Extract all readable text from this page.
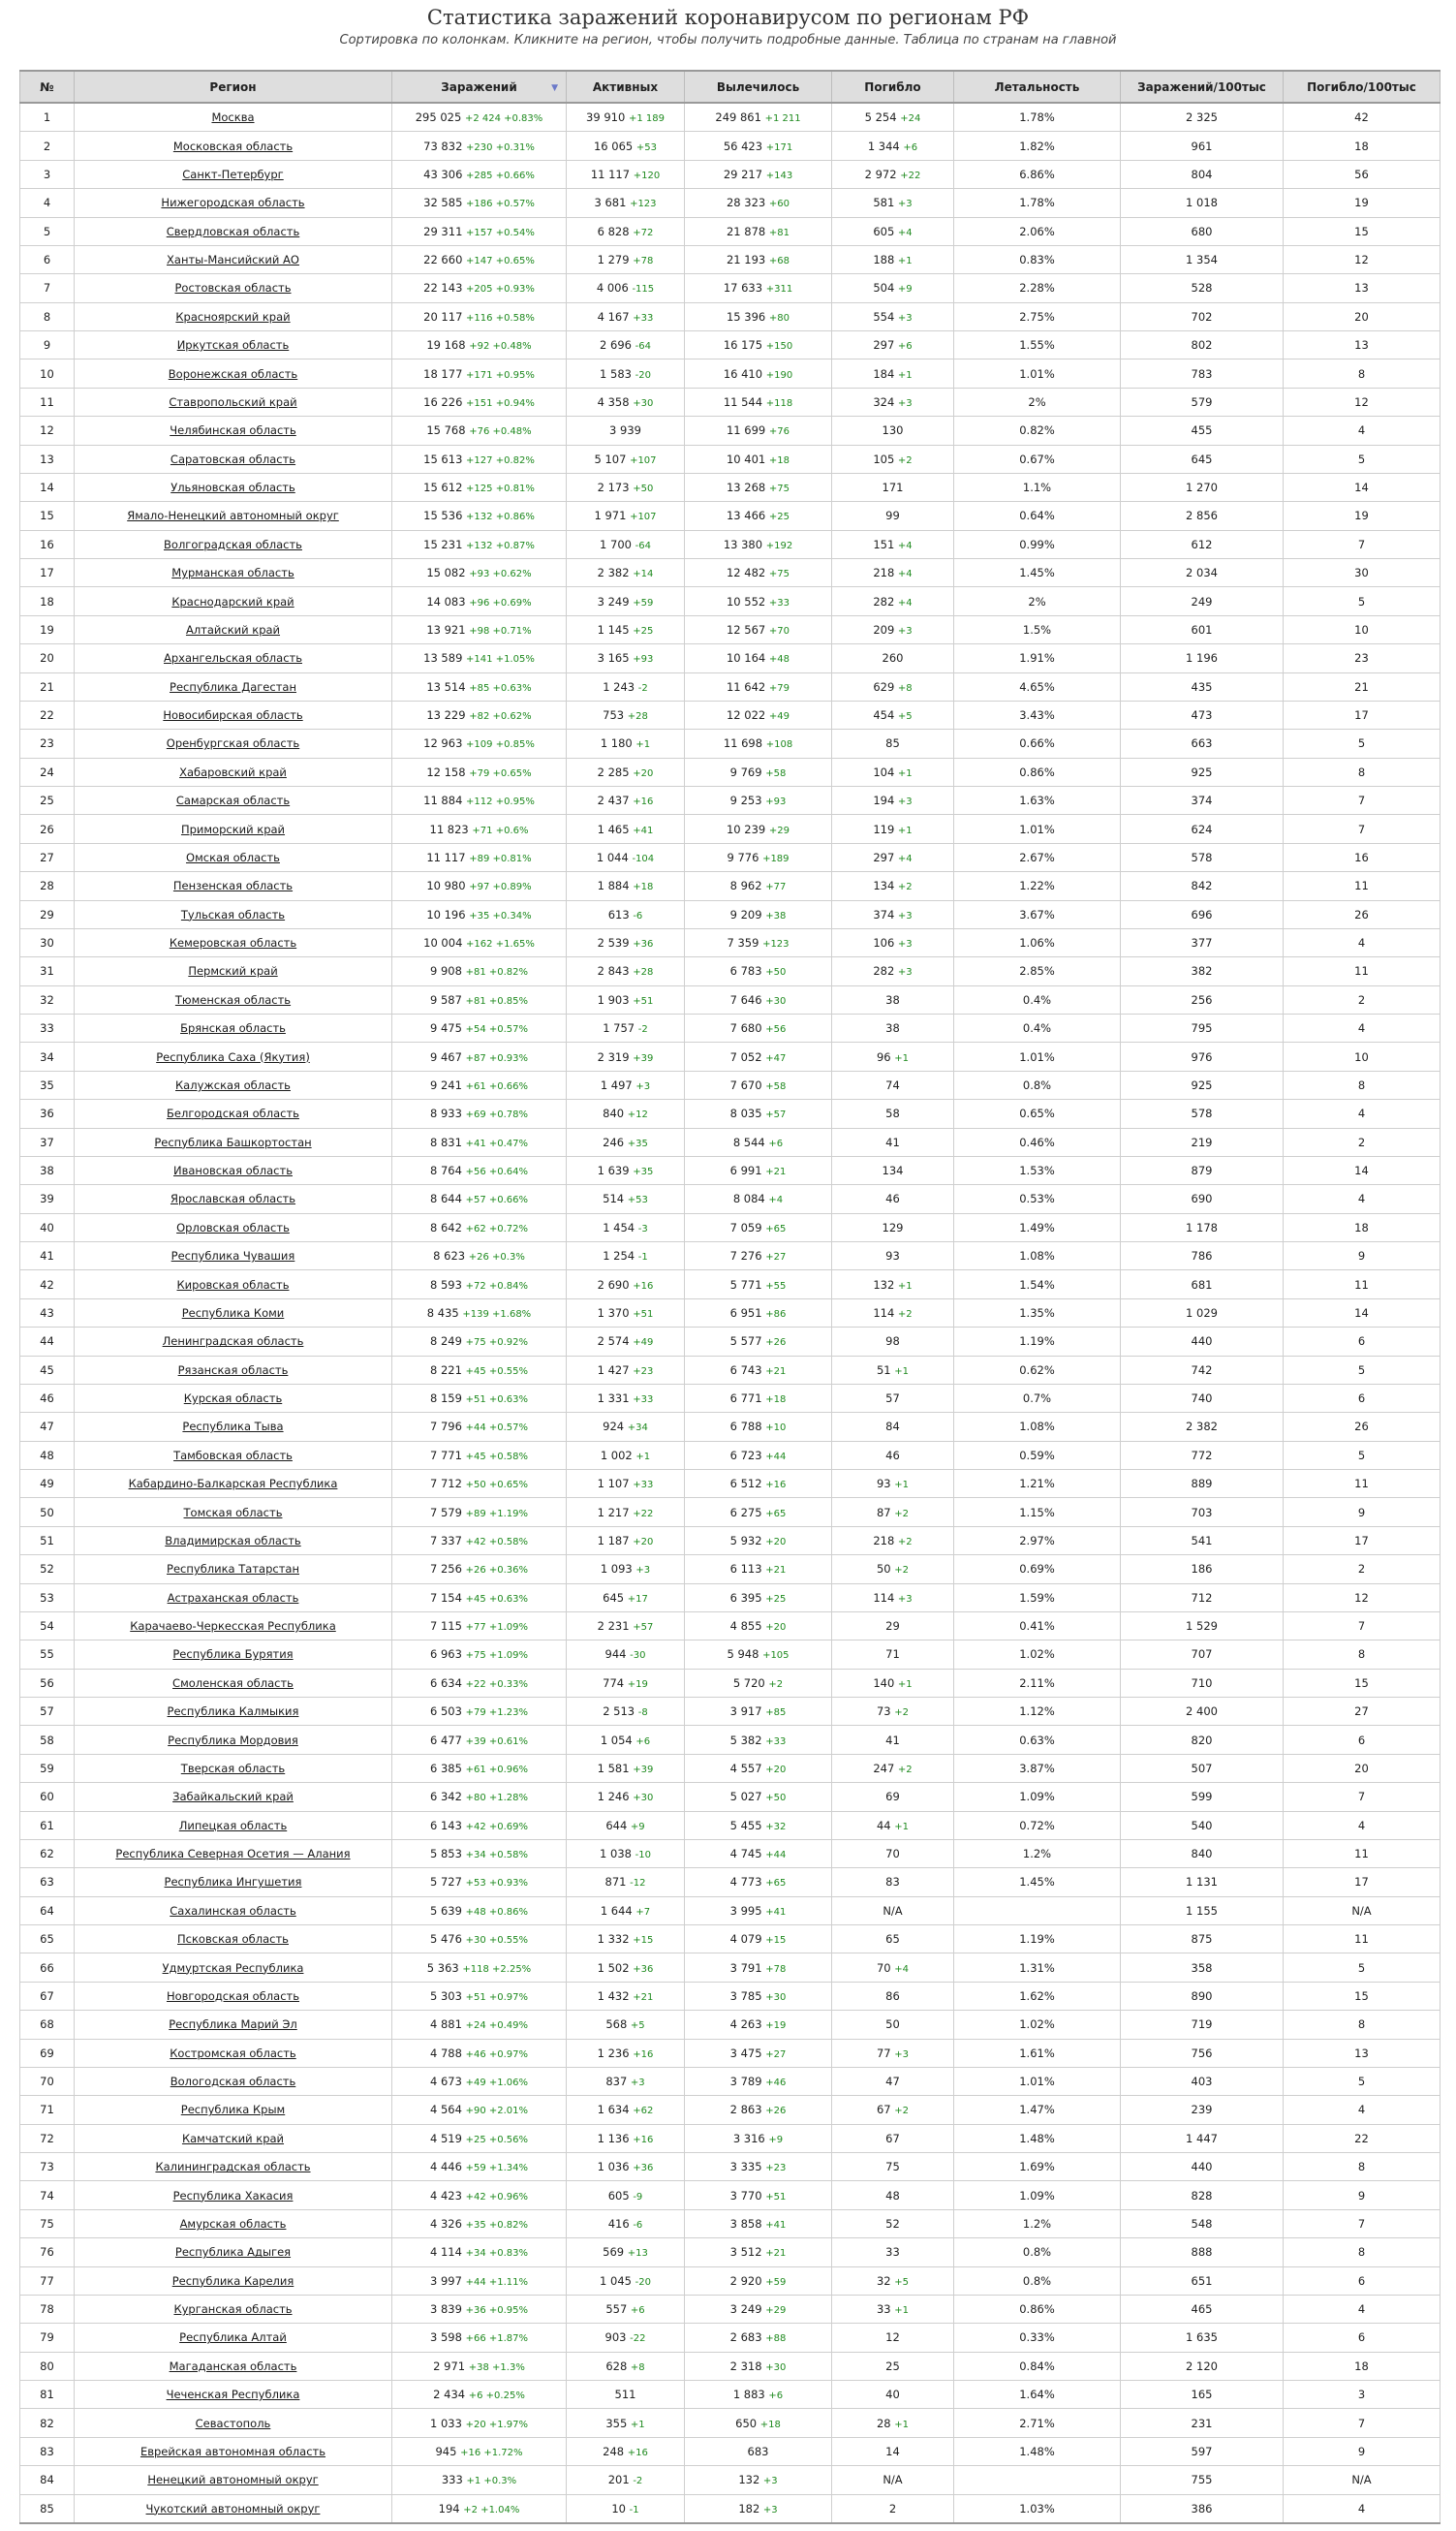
Статистика заражений коронавирусом по регионам РФ
Сортировка по колонкам. Кликните на регион, чтобы получить подробные данные. Таблица по странам на главной
№	Регион	Заражений ▼	Активных	Вылечилось	Погибло	Летальность	Заражений/100тыс	Погибло/100тыс
1	Москва	295 025 +2 424 +0.83%	39 910 +1 189	249 861 +1 211	5 254 +24	1.78%	2 325	42
2	Московская область	73 832 +230 +0.31%	16 065 +53	56 423 +171	1 344 +6	1.82%	961	18
3	Санкт-Петербург	43 306 +285 +0.66%	11 117 +120	29 217 +143	2 972 +22	6.86%	804	56
4	Нижегородская область	32 585 +186 +0.57%	3 681 +123	28 323 +60	581 +3	1.78%	1 018	19
5	Свердловская область	29 311 +157 +0.54%	6 828 +72	21 878 +81	605 +4	2.06%	680	15
6	Ханты-Мансийский АО	22 660 +147 +0.65%	1 279 +78	21 193 +68	188 +1	0.83%	1 354	12
7	Ростовская область	22 143 +205 +0.93%	4 006 -115	17 633 +311	504 +9	2.28%	528	13
8	Красноярский край	20 117 +116 +0.58%	4 167 +33	15 396 +80	554 +3	2.75%	702	20
9	Иркутская область	19 168 +92 +0.48%	2 696 -64	16 175 +150	297 +6	1.55%	802	13
10	Воронежская область	18 177 +171 +0.95%	1 583 -20	16 410 +190	184 +1	1.01%	783	8
11	Ставропольский край	16 226 +151 +0.94%	4 358 +30	11 544 +118	324 +3	2%	579	12
12	Челябинская область	15 768 +76 +0.48%	3 939	11 699 +76	130	0.82%	455	4
13	Саратовская область	15 613 +127 +0.82%	5 107 +107	10 401 +18	105 +2	0.67%	645	5
14	Ульяновская область	15 612 +125 +0.81%	2 173 +50	13 268 +75	171	1.1%	1 270	14
15	Ямало-Ненецкий автономный округ	15 536 +132 +0.86%	1 971 +107	13 466 +25	99	0.64%	2 856	19
16	Волгоградская область	15 231 +132 +0.87%	1 700 -64	13 380 +192	151 +4	0.99%	612	7
17	Мурманская область	15 082 +93 +0.62%	2 382 +14	12 482 +75	218 +4	1.45%	2 034	30
18	Краснодарский край	14 083 +96 +0.69%	3 249 +59	10 552 +33	282 +4	2%	249	5
19	Алтайский край	13 921 +98 +0.71%	1 145 +25	12 567 +70	209 +3	1.5%	601	10
20	Архангельская область	13 589 +141 +1.05%	3 165 +93	10 164 +48	260	1.91%	1 196	23
21	Республика Дагестан	13 514 +85 +0.63%	1 243 -2	11 642 +79	629 +8	4.65%	435	21
22	Новосибирская область	13 229 +82 +0.62%	753 +28	12 022 +49	454 +5	3.43%	473	17
23	Оренбургская область	12 963 +109 +0.85%	1 180 +1	11 698 +108	85	0.66%	663	5
24	Хабаровский край	12 158 +79 +0.65%	2 285 +20	9 769 +58	104 +1	0.86%	925	8
25	Самарская область	11 884 +112 +0.95%	2 437 +16	9 253 +93	194 +3	1.63%	374	7
26	Приморский край	11 823 +71 +0.6%	1 465 +41	10 239 +29	119 +1	1.01%	624	7
27	Омская область	11 117 +89 +0.81%	1 044 -104	9 776 +189	297 +4	2.67%	578	16
28	Пензенская область	10 980 +97 +0.89%	1 884 +18	8 962 +77	134 +2	1.22%	842	11
29	Тульская область	10 196 +35 +0.34%	613 -6	9 209 +38	374 +3	3.67%	696	26
30	Кемеровская область	10 004 +162 +1.65%	2 539 +36	7 359 +123	106 +3	1.06%	377	4
31	Пермский край	9 908 +81 +0.82%	2 843 +28	6 783 +50	282 +3	2.85%	382	11
32	Тюменская область	9 587 +81 +0.85%	1 903 +51	7 646 +30	38	0.4%	256	2
33	Брянская область	9 475 +54 +0.57%	1 757 -2	7 680 +56	38	0.4%	795	4
34	Республика Саха (Якутия)	9 467 +87 +0.93%	2 319 +39	7 052 +47	96 +1	1.01%	976	10
35	Калужская область	9 241 +61 +0.66%	1 497 +3	7 670 +58	74	0.8%	925	8
36	Белгородская область	8 933 +69 +0.78%	840 +12	8 035 +57	58	0.65%	578	4
37	Республика Башкортостан	8 831 +41 +0.47%	246 +35	8 544 +6	41	0.46%	219	2
38	Ивановская область	8 764 +56 +0.64%	1 639 +35	6 991 +21	134	1.53%	879	14
39	Ярославская область	8 644 +57 +0.66%	514 +53	8 084 +4	46	0.53%	690	4
40	Орловская область	8 642 +62 +0.72%	1 454 -3	7 059 +65	129	1.49%	1 178	18
41	Республика Чувашия	8 623 +26 +0.3%	1 254 -1	7 276 +27	93	1.08%	786	9
42	Кировская область	8 593 +72 +0.84%	2 690 +16	5 771 +55	132 +1	1.54%	681	11
43	Республика Коми	8 435 +139 +1.68%	1 370 +51	6 951 +86	114 +2	1.35%	1 029	14
44	Ленинградская область	8 249 +75 +0.92%	2 574 +49	5 577 +26	98	1.19%	440	6
45	Рязанская область	8 221 +45 +0.55%	1 427 +23	6 743 +21	51 +1	0.62%	742	5
46	Курская область	8 159 +51 +0.63%	1 331 +33	6 771 +18	57	0.7%	740	6
47	Республика Тыва	7 796 +44 +0.57%	924 +34	6 788 +10	84	1.08%	2 382	26
48	Тамбовская область	7 771 +45 +0.58%	1 002 +1	6 723 +44	46	0.59%	772	5
49	Кабардино-Балкарская Республика	7 712 +50 +0.65%	1 107 +33	6 512 +16	93 +1	1.21%	889	11
50	Томская область	7 579 +89 +1.19%	1 217 +22	6 275 +65	87 +2	1.15%	703	9
51	Владимирская область	7 337 +42 +0.58%	1 187 +20	5 932 +20	218 +2	2.97%	541	17
52	Республика Татарстан	7 256 +26 +0.36%	1 093 +3	6 113 +21	50 +2	0.69%	186	2
53	Астраханская область	7 154 +45 +0.63%	645 +17	6 395 +25	114 +3	1.59%	712	12
54	Карачаево-Черкесская Республика	7 115 +77 +1.09%	2 231 +57	4 855 +20	29	0.41%	1 529	7
55	Республика Бурятия	6 963 +75 +1.09%	944 -30	5 948 +105	71	1.02%	707	8
56	Смоленская область	6 634 +22 +0.33%	774 +19	5 720 +2	140 +1	2.11%	710	15
57	Республика Калмыкия	6 503 +79 +1.23%	2 513 -8	3 917 +85	73 +2	1.12%	2 400	27
58	Республика Мордовия	6 477 +39 +0.61%	1 054 +6	5 382 +33	41	0.63%	820	6
59	Тверская область	6 385 +61 +0.96%	1 581 +39	4 557 +20	247 +2	3.87%	507	20
60	Забайкальский край	6 342 +80 +1.28%	1 246 +30	5 027 +50	69	1.09%	599	7
61	Липецкая область	6 143 +42 +0.69%	644 +9	5 455 +32	44 +1	0.72%	540	4
62	Республика Северная Осетия — Алания	5 853 +34 +0.58%	1 038 -10	4 745 +44	70	1.2%	840	11
63	Республика Ингушетия	5 727 +53 +0.93%	871 -12	4 773 +65	83	1.45%	1 131	17
64	Сахалинская область	5 639 +48 +0.86%	1 644 +7	3 995 +41	N/A		1 155	N/A
65	Псковская область	5 476 +30 +0.55%	1 332 +15	4 079 +15	65	1.19%	875	11
66	Удмуртская Республика	5 363 +118 +2.25%	1 502 +36	3 791 +78	70 +4	1.31%	358	5
67	Новгородская область	5 303 +51 +0.97%	1 432 +21	3 785 +30	86	1.62%	890	15
68	Республика Марий Эл	4 881 +24 +0.49%	568 +5	4 263 +19	50	1.02%	719	8
69	Костромская область	4 788 +46 +0.97%	1 236 +16	3 475 +27	77 +3	1.61%	756	13
70	Вологодская область	4 673 +49 +1.06%	837 +3	3 789 +46	47	1.01%	403	5
71	Республика Крым	4 564 +90 +2.01%	1 634 +62	2 863 +26	67 +2	1.47%	239	4
72	Камчатский край	4 519 +25 +0.56%	1 136 +16	3 316 +9	67	1.48%	1 447	22
73	Калининградская область	4 446 +59 +1.34%	1 036 +36	3 335 +23	75	1.69%	440	8
74	Республика Хакасия	4 423 +42 +0.96%	605 -9	3 770 +51	48	1.09%	828	9
75	Амурская область	4 326 +35 +0.82%	416 -6	3 858 +41	52	1.2%	548	7
76	Республика Адыгея	4 114 +34 +0.83%	569 +13	3 512 +21	33	0.8%	888	8
77	Республика Карелия	3 997 +44 +1.11%	1 045 -20	2 920 +59	32 +5	0.8%	651	6
78	Курганская область	3 839 +36 +0.95%	557 +6	3 249 +29	33 +1	0.86%	465	4
79	Республика Алтай	3 598 +66 +1.87%	903 -22	2 683 +88	12	0.33%	1 635	6
80	Магаданская область	2 971 +38 +1.3%	628 +8	2 318 +30	25	0.84%	2 120	18
81	Чеченская Республика	2 434 +6 +0.25%	511	1 883 +6	40	1.64%	165	3
82	Севастополь	1 033 +20 +1.97%	355 +1	650 +18	28 +1	2.71%	231	7
83	Еврейская автономная область	945 +16 +1.72%	248 +16	683	14	1.48%	597	9
84	Ненецкий автономный округ	333 +1 +0.3%	201 -2	132 +3	N/A		755	N/A
85	Чукотский автономный округ	194 +2 +1.04%	10 -1	182 +3	2	1.03%	386	4
